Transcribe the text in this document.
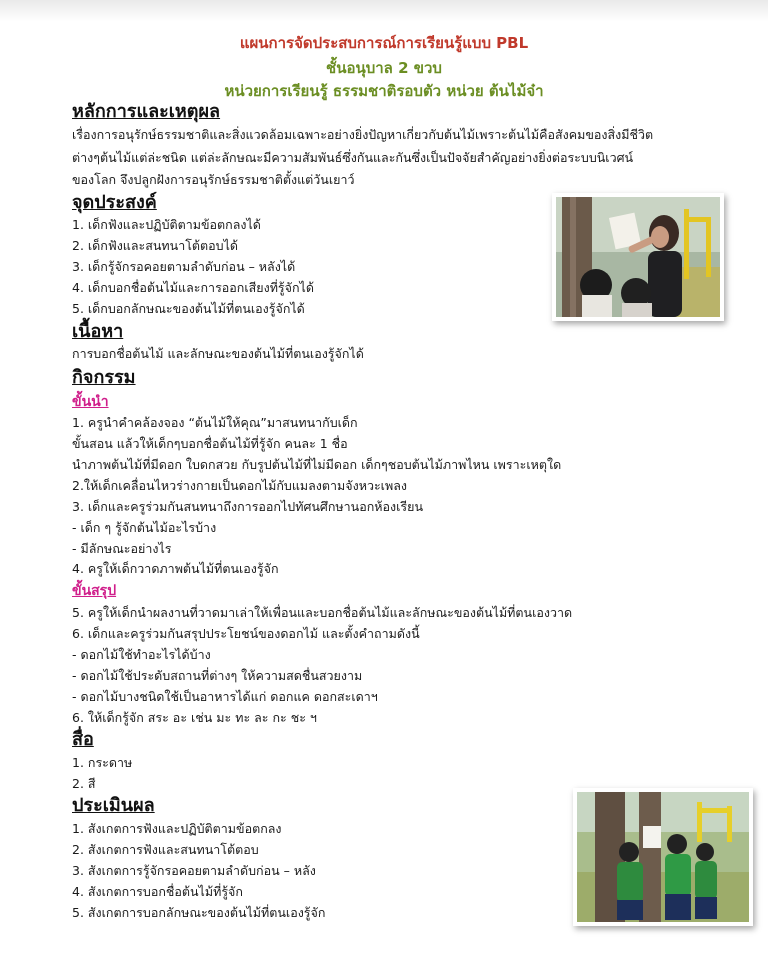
แผนการจัดประสบการณ์การเรียนรู้แบบ PBL
ชั้นอนุบาล 2 ขวบ
หน่วยการเรียนรู้ ธรรมชาติรอบตัว หน่วย ต้นไม้จ๋า
หลักการและเหตุผล
เรื่องการอนุรักษ์ธรรมชาติและสิ่งแวดล้อมเฉพาะอย่างยิ่งปัญหาเกี่ยวกับต้นไม้เพราะต้นไม้คือสังคมของสิ่งมีชีวิต
ต่างๆต้นไม้แต่ล่ะชนิด แต่ล่ะลักษณะมีความสัมพันธ์ซึ่งกันและกันซึ่งเป็นปัจจัยสำคัญอย่างยิ่งต่อระบบนิเวศน์
ของโลก จึงปลูกฝังการอนุรักษ์ธรรมชาติตั้งแต่วันเยาว์
จุดประสงค์
1. เด็กฟังและปฏิบัติตามข้อตกลงได้
2. เด็กฟังและสนทนาโต้ตอบได้
3. เด็กรู้จักรอคอยตามลำดับก่อน – หลังได้
4. เด็กบอกชื่อต้นไม้และการออกเสียงที่รู้จักได้
5. เด็กบอกลักษณะของต้นไม้ที่ตนเองรู้จักได้
เนื้อหา
การบอกชื่อต้นไม้ และลักษณะของต้นไม้ที่ตนเองรู้จักได้
กิจกรรม
ขั้นนำ
1. ครูนำคำคล้องจอง “ต้นไม้ให้คุณ”มาสนทนากับเด็ก
ขั้นสอน แล้วให้เด็กๆบอกชื่อต้นไม้ที่รู้จัก คนละ 1 ชื่อ
นำภาพต้นไม้ที่มีดอก ใบดกสวย กับรูปต้นไม้ที่ไม่มีดอก เด็กๆชอบต้นไม้ภาพไหน เพราะเหตุใด
2.ให้เด็กเคลื่อนไหวร่างกายเป็นดอกไม้กับแมลงตามจังหวะเพลง
3. เด็กและครูร่วมกันสนทนาถึงการออกไปทัศนศึกษานอกห้องเรียน
- เด็ก ๆ รู้จักต้นไม้อะไรบ้าง
- มีลักษณะอย่างไร
4. ครูให้เด็กวาดภาพต้นไม้ที่ตนเองรู้จัก
ขั้นสรุป
5. ครูให้เด็กนำผลงานที่วาดมาเล่าให้เพื่อนและบอกชื่อต้นไม้และลักษณะของต้นไม้ที่ตนเองวาด
6. เด็กและครูร่วมกันสรุปประโยชน์ของดอกไม้ และตั้งคำถามดังนี้
- ดอกไม้ใช้ทำอะไรได้บ้าง
- ดอกไม้ใช้ประดับสถานที่ต่างๆ ให้ความสดชื่นสวยงาม
- ดอกไม้บางชนิดใช้เป็นอาหารได้แก่ ดอกแค ดอกสะเดาฯ
6. ให้เด็กรู้จัก สระ อะ เช่น มะ ทะ ละ กะ ชะ ฯ
สื่อ
1. กระดาษ
2. สี
ประเมินผล
1. สังเกตการฟังและปฏิบัติตามข้อตกลง
2. สังเกตการฟังและสนทนาโต้ตอบ
3. สังเกตการรู้จักรอคอยตามลำดับก่อน – หลัง
4. สังเกตการบอกชื่อต้นไม้ที่รู้จัก
5. สังเกตการบอกลักษณะของต้นไม้ที่ตนเองรู้จัก
